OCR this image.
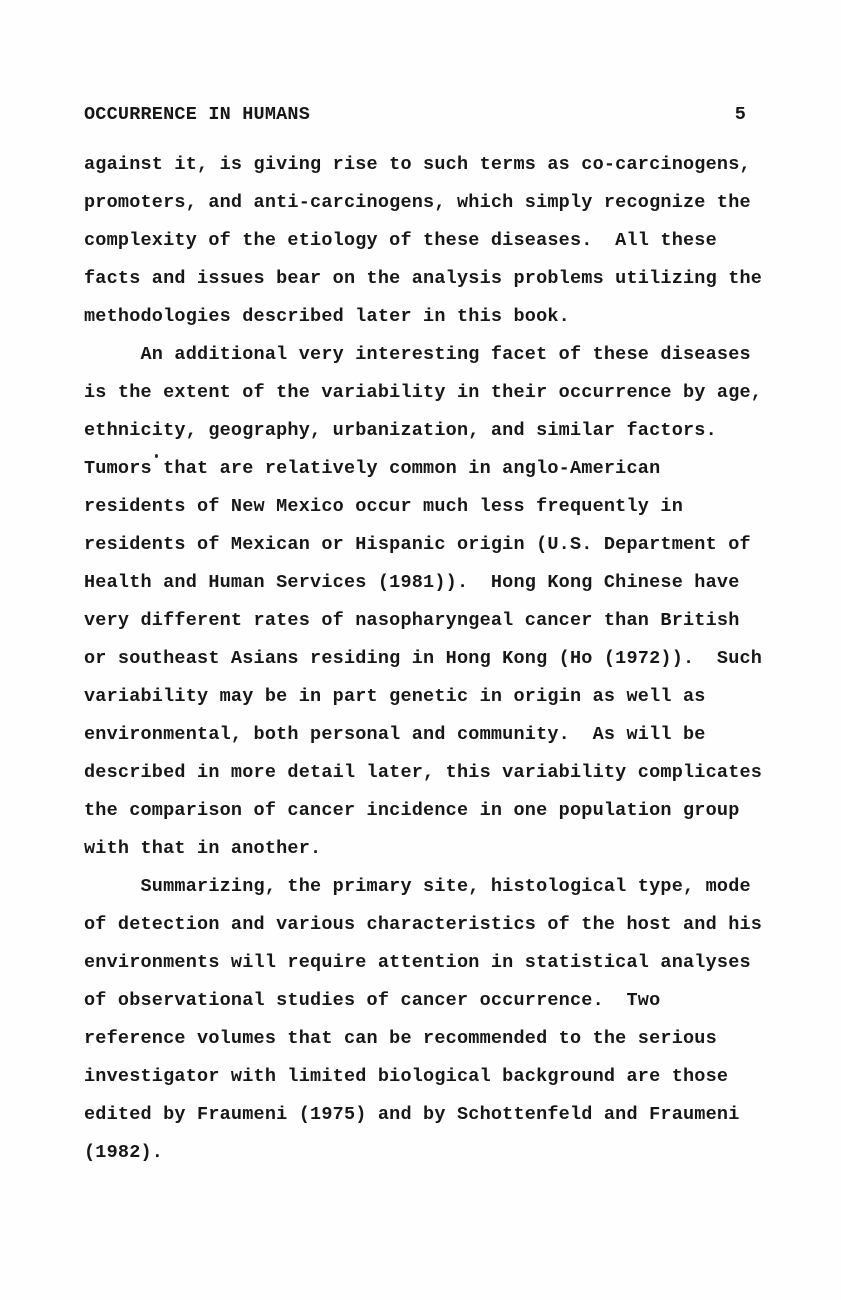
OCCURRENCE IN HUMANS	5
against it, is giving rise to such terms as co-carcinogens,
promoters, and anti-carcinogens, which simply recognize the
complexity of the etiology of these diseases.  All these
facts and issues bear on the analysis problems utilizing the
methodologies described later in this book.
An additional very interesting facet of these diseases
is the extent of the variability in their occurrence by age,
ethnicity, geography, urbanization, and similar factors.
Tumors that are relatively common in anglo-American
residents of New Mexico occur much less frequently in
residents of Mexican or Hispanic origin (U.S. Department of
Health and Human Services (1981)).  Hong Kong Chinese have
very different rates of nasopharyngeal cancer than British
or southeast Asians residing in Hong Kong (Ho (1972)).  Such
variability may be in part genetic in origin as well as
environmental, both personal and community.  As will be
described in more detail later, this variability complicates
the comparison of cancer incidence in one population group
with that in another.
Summarizing, the primary site, histological type, mode
of detection and various characteristics of the host and his
environments will require attention in statistical analyses
of observational studies of cancer occurrence.  Two
reference volumes that can be recommended to the serious
investigator with limited biological background are those
edited by Fraumeni (1975) and by Schottenfeld and Fraumeni
(1982).
